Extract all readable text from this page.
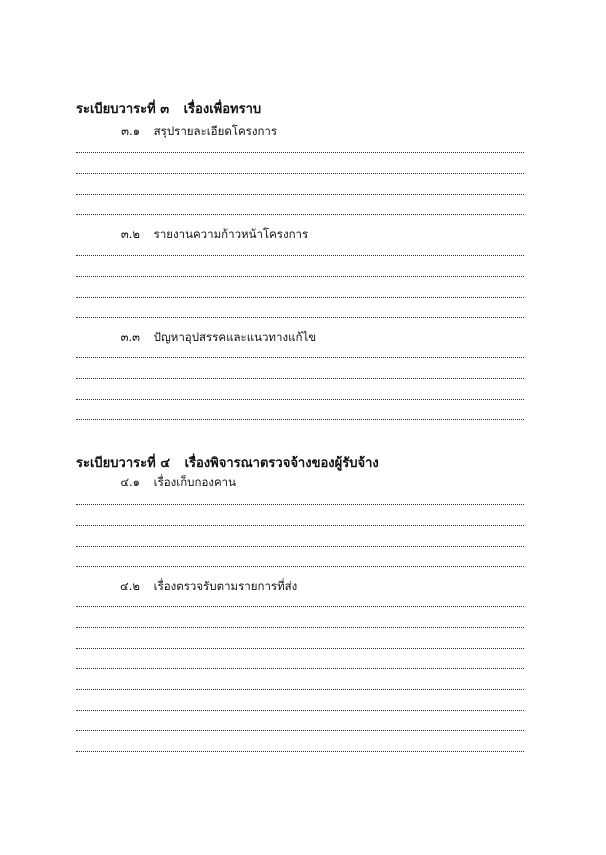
ระเบียบวาระที่ ๓ เรื่องเพื่อทราบ
๓.๑ สรุปรายละเอียดโครงการ
๓.๒ รายงานความก้าวหน้าโครงการ
๓.๓ ปัญหาอุปสรรคและแนวทางแก้ไข
ระเบียบวาระที่ ๔ เรื่องพิจารณาตรวจจ้างของผู้รับจ้าง
๔.๑ เรื่องเก็บกองคาน
๔.๒ เรื่องตรวจรับตามรายการที่ส่ง
